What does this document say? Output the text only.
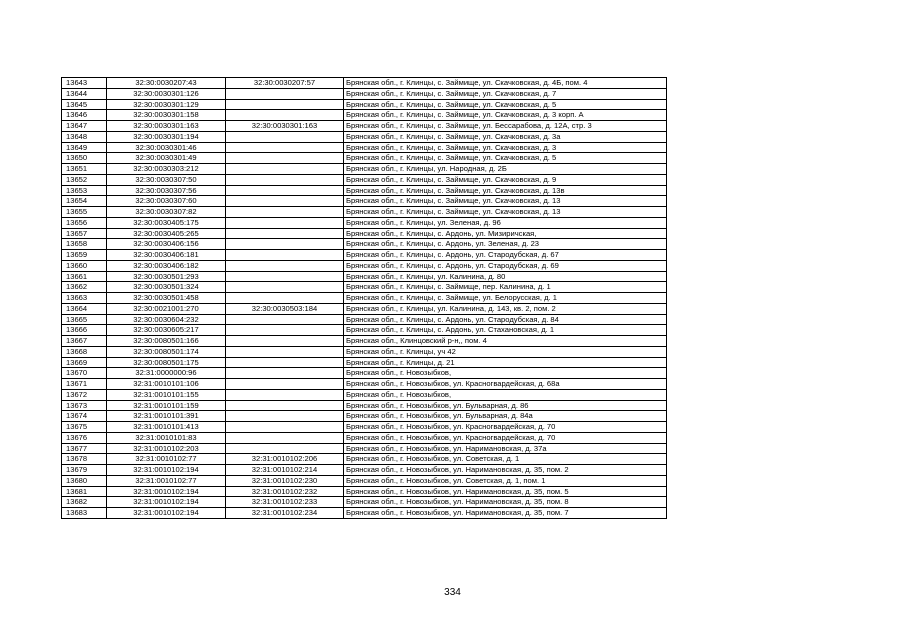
13643	32:30:0030207:43	32:30:0030207:57	Брянская обл., г. Клинцы, с. Займище, ул. Скачковская, д. 4Б, пом. 4
13644	32:30:0030301:126		Брянская обл., г. Клинцы, с. Займище, ул. Скачковская, д. 7
13645	32:30:0030301:129		Брянская обл., г. Клинцы, с. Займище, ул. Скачковская, д. 5
13646	32:30:0030301:158		Брянская обл., г. Клинцы, с. Займище, ул. Скачковская, д. 3 корп. А
13647	32:30:0030301:163	32:30:0030301:163	Брянская обл., г. Клинцы, с. Займище, ул. Бессарабова, д. 12А, стр. 3
13648	32:30:0030301:194		Брянская обл., г. Клинцы, с. Займище, ул. Скачковская, д. 3а
13649	32:30:0030301:46		Брянская обл., г. Клинцы, с. Займище, ул. Скачковская, д. 3
13650	32:30:0030301:49		Брянская обл., г. Клинцы, с. Займище, ул. Скачковская, д. 5
13651	32:30:0030303:212		Брянская обл., г. Клинцы, ул. Народная, д. 2Б
13652	32:30:0030307:50		Брянская обл., г. Клинцы, с. Займище, ул. Скачковская, д. 9
13653	32:30:0030307:56		Брянская обл., г. Клинцы, с. Займище, ул. Скачковская, д. 13в
13654	32:30:0030307:60		Брянская обл., г. Клинцы, с. Займище, ул. Скачковская, д. 13
13655	32:30:0030307:82		Брянская обл., г. Клинцы, с. Займище, ул. Скачковская, д. 13
13656	32:30:0030405:175		Брянская обл., г. Клинцы, ул. Зеленая, д. 96
13657	32:30:0030405:265		Брянская обл., г. Клинцы, с. Ардонь, ул. Мизиричская,
13658	32:30:0030406:156		Брянская обл., г. Клинцы, с. Ардонь, ул. Зеленая, д. 23
13659	32:30:0030406:181		Брянская обл., г. Клинцы, с. Ардонь, ул. Стародубская, д. 67
13660	32:30:0030406:182		Брянская обл., г. Клинцы, с. Ардонь, ул. Стародубская, д. 69
13661	32:30:0030501:293		Брянская обл., г. Клинцы, ул. Калинина, д. 80
13662	32:30:0030501:324		Брянская обл., г. Клинцы, с. Займище, пер. Калинина, д. 1
13663	32:30:0030501:458		Брянская обл., г. Клинцы, с. Займище, ул. Белорусская, д. 1
13664	32:30:0021001:270	32:30:0030503:184	Брянская обл., г. Клинцы, ул. Калинина, д. 143, кв. 2, пом. 2
13665	32:30:0030604:232		Брянская обл., г. Клинцы, с. Ардонь, ул. Стародубская, д. 84
13666	32:30:0030605:217		Брянская обл., г. Клинцы, с. Ардонь, ул. Стахановская, д. 1
13667	32:30:0080501:166		Брянская обл., Клинцовский р-н,, пом. 4
13668	32:30:0080501:174		Брянская обл., г. Клинцы, уч 42
13669	32:30:0080501:175		Брянская обл., г. Клинцы, д. 21
13670	32:31:0000000:96		Брянская обл., г. Новозыбков,
13671	32:31:0010101:106		Брянская обл., г. Новозыбков, ул. Красногвардейская, д. 68а
13672	32:31:0010101:155		Брянская обл., г. Новозыбков,
13673	32:31:0010101:159		Брянская обл., г. Новозыбков, ул. Бульварная, д. 86
13674	32:31:0010101:391		Брянская обл., г. Новозыбков, ул. Бульварная, д. 84а
13675	32:31:0010101:413		Брянская обл., г. Новозыбков, ул. Красногвардейская, д. 70
13676	32:31:0010101:83		Брянская обл., г. Новозыбков, ул. Красногвардейская, д. 70
13677	32:31:0010102:203		Брянская обл., г. Новозыбков, ул. Наримановская, д. 37а
13678	32:31:0010102:77	32:31:0010102:206	Брянская обл., г. Новозыбков, ул. Советская, д. 1
13679	32:31:0010102:194	32:31:0010102:214	Брянская обл., г. Новозыбков, ул. Наримановская, д. 35, пом. 2
13680	32:31:0010102:77	32:31:0010102:230	Брянская обл., г. Новозыбков, ул. Советская, д. 1, пом. 1
13681	32:31:0010102:194	32:31:0010102:232	Брянская обл., г. Новозыбков, ул. Наримановская, д. 35, пом. 5
13682	32:31:0010102:194	32:31:0010102:233	Брянская обл., г. Новозыбков, ул. Наримановская, д. 35, пом. 8
13683	32:31:0010102:194	32:31:0010102:234	Брянская обл., г. Новозыбков, ул. Наримановская, д. 35, пом. 7
334
